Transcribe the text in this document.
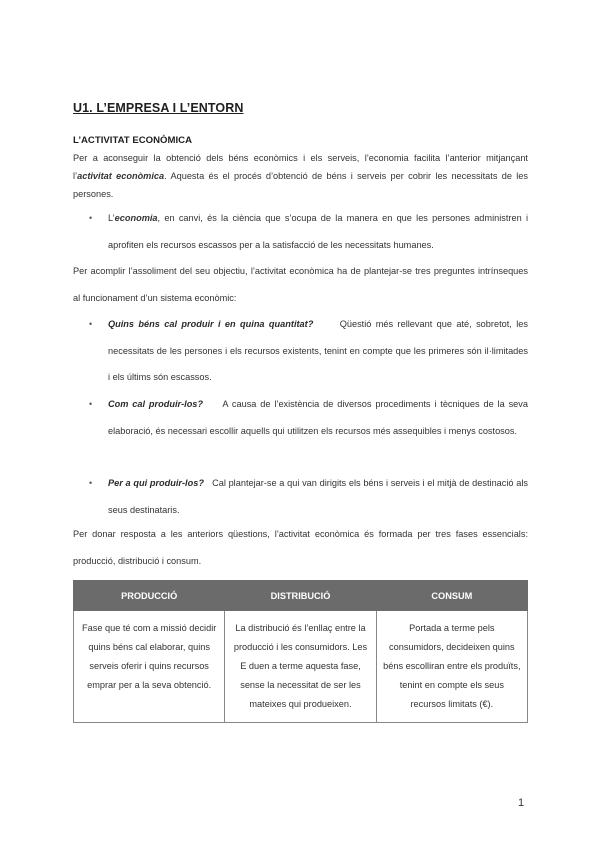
U1. L’EMPRESA I L’ENTORN
L’ACTIVITAT ECONÒMICA

Per a aconseguir la obtenció dels béns econòmics i els serveis, l’economia facilita l’anterior mitjançant l’activitat econòmica. Aquesta és el procés d’obtenció de béns i serveis per cobrir les necessitats de les persones.

• L’economia, en canvi, és la ciència que s’ocupa de la manera en que les persones administren i aprofiten els recursos escassos per a la satisfacció de les necessitats humanes.

Per acomplir l’assoliment del seu objectiu, l’activitat econòmica ha de plantejar-se tres preguntes intrínseques al funcionament d’un sistema econòmic:

• Quins béns cal produir i en quina quantitat?	Qüestió més rellevant que até, sobretot, les necessitats de les persones i els recursos existents, tenint en compte que les primeres són il·limitades i els últims són escassos.
• Com cal produir-los? A causa de l’existència de diversos procediments i tècniques de la seva elaboració, és necessari escollir aquells qui utilitzen els recursos més assequibles i menys costosos.
• Per a qui produir-los? Cal plantejar-se a qui van dirigits els béns i serveis i el mitjà de destinació als seus destinataris.

Per donar resposta a les anteriors qüestions, l’activitat econòmica és formada per tres fases essencials: producció, distribució i consum.

PRODUCCIÓ	DISTRIBUCIÓ	CONSUM
Fase que té com a missió decidir quins béns cal elaborar, quins serveis oferir i quins recursos emprar per a la seva obtenció.	La distribució és l’enllaç entre la producció i les consumidors. Les E duen a terme aquesta fase, sense la necessitat de ser les mateixes qui produeixen.	Portada a terme pels consumidors, decideixen quins béns escolliran entre els produïts, tenint en compte els seus recursos limitats (€).
1
